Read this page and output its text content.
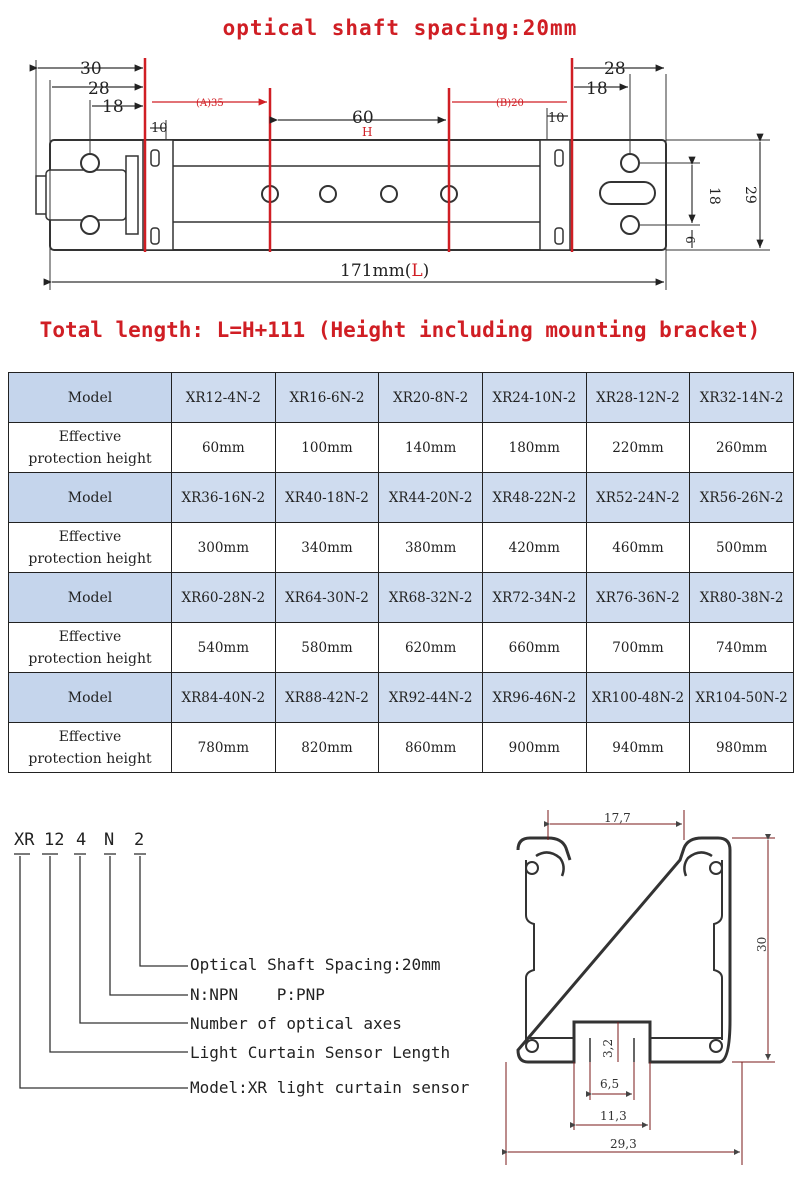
optical shaft spacing:20mm
30
28
18
10
(A)35	(B)20
60
H
28
18
10
29
18
6
171mm(L)
Total length: L=H+111 (Height including mounting bracket)
Model	XR12-4N-2	XR16-6N-2	XR20-8N-2	XR24-10N-2	XR28-12N-2	XR32-14N-2

Effective
protection height	60mm	100mm	140mm	180mm	220mm	260mm
Model	XR36-16N-2	XR40-18N-2	XR44-20N-2	XR48-22N-2	XR52-24N-2	XR56-26N-2

Effective
protection height	300mm	340mm	380mm	420mm	460mm	500mm
Model	XR60-28N-2	XR64-30N-2	XR68-32N-2	XR72-34N-2	XR76-36N-2	XR80-38N-2

Effective
protection height	540mm	580mm	620mm	660mm	700mm	740mm
Model	XR84-40N-2	XR88-42N-2	XR92-44N-2	XR96-46N-2	XR100-48N-2	XR104-50N-2

Effective
protection height	780mm	820mm	860mm	900mm	940mm	980mm
XR 12 4 N 2
Optical Shaft Spacing:20mm
N:NPN    P:PNP
Number of optical axes
Light Curtain Sensor Length
Model:XR light curtain sensor
17,7
30
3,2
6,5
11,3
29,3
